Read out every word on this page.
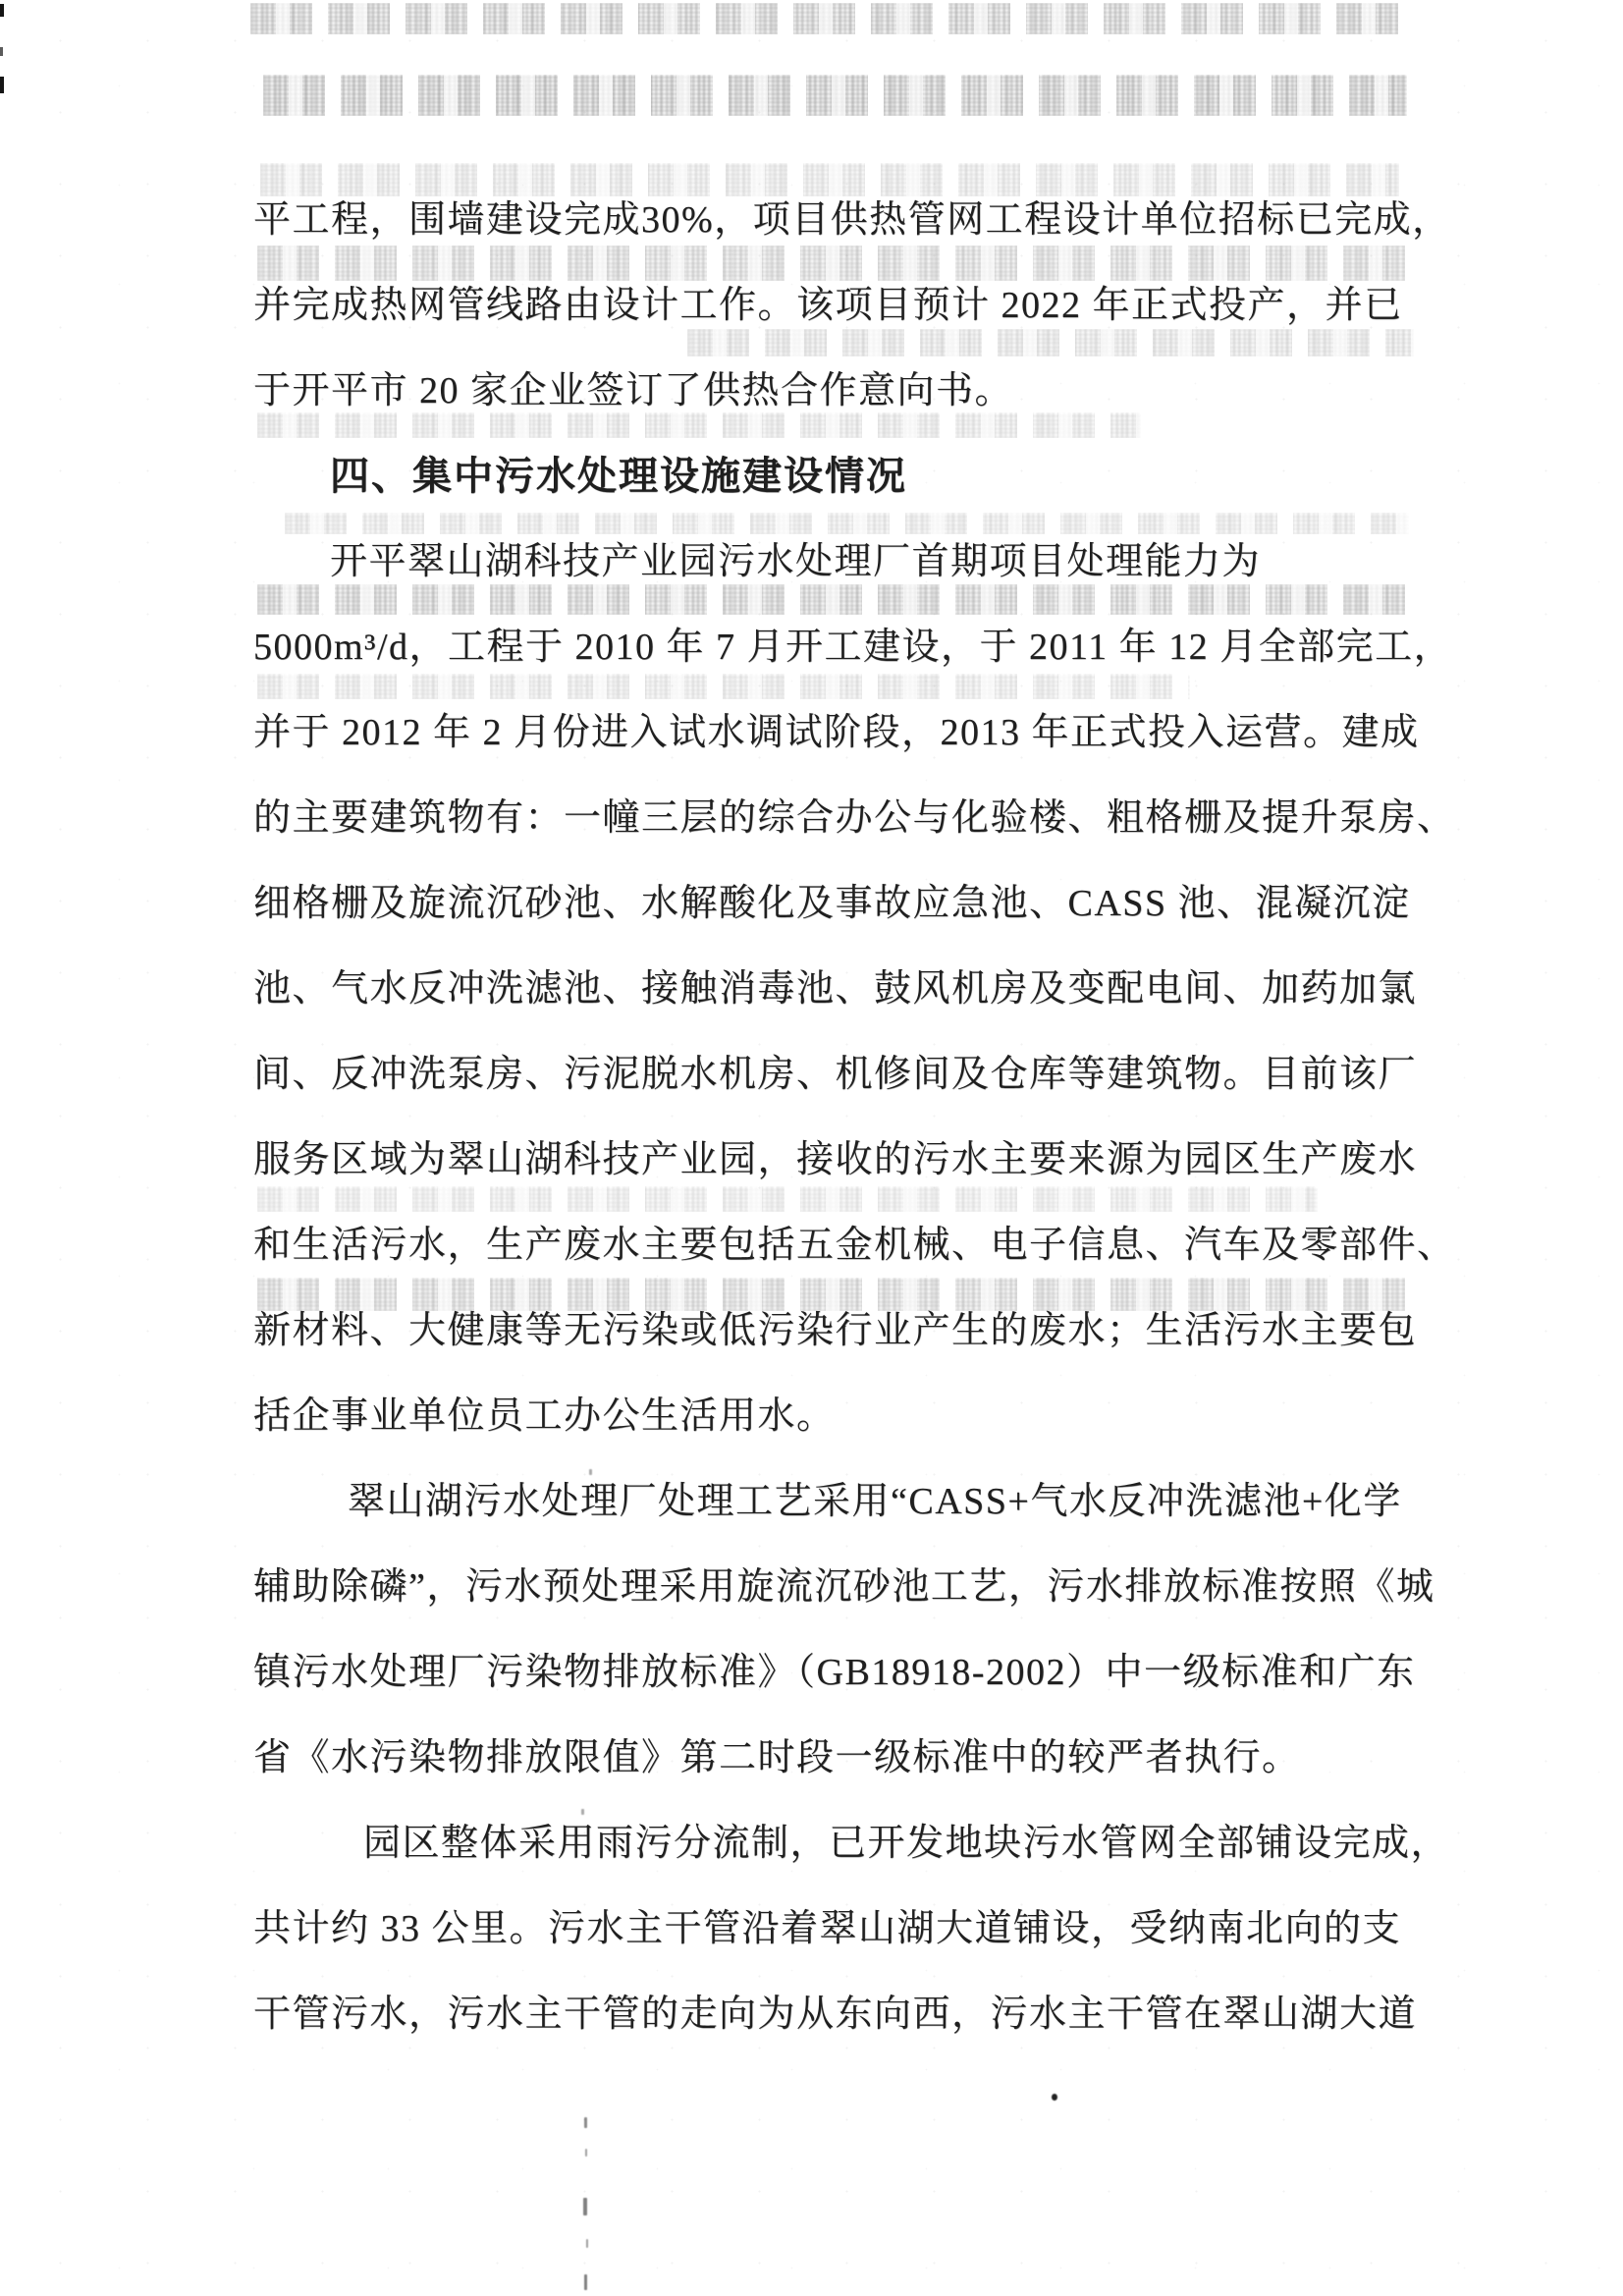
平工程，围墙建设完成30%，项目供热管网工程设计单位招标已完成，
并完成热网管线路由设计工作。该项目预计 2022 年正式投产，并已
于开平市 20 家企业签订了供热合作意向书。
四、集中污水处理设施建设情况
开平翠山湖科技产业园污水处理厂首期项目处理能力为
5000m³/d，工程于 2010 年 7 月开工建设，于 2011 年 12 月全部完工，
并于 2012 年 2 月份进入试水调试阶段，2013 年正式投入运营。建成
的主要建筑物有：一幢三层的综合办公与化验楼、粗格栅及提升泵房、
细格栅及旋流沉砂池、水解酸化及事故应急池、CASS 池、混凝沉淀
池、气水反冲洗滤池、接触消毒池、鼓风机房及变配电间、加药加氯
间、反冲洗泵房、污泥脱水机房、机修间及仓库等建筑物。目前该厂
服务区域为翠山湖科技产业园，接收的污水主要来源为园区生产废水
和生活污水，生产废水主要包括五金机械、电子信息、汽车及零部件、
新材料、大健康等无污染或低污染行业产生的废水；生活污水主要包
括企事业单位员工办公生活用水。
翠山湖污水处理厂处理工艺采用“CASS+气水反冲洗滤池+化学
辅助除磷”，污水预处理采用旋流沉砂池工艺，污水排放标准按照《城
镇污水处理厂污染物排放标准》（GB18918-2002）中一级标准和广东
省《水污染物排放限值》第二时段一级标准中的较严者执行。
园区整体采用雨污分流制，已开发地块污水管网全部铺设完成，
共计约 33 公里。污水主干管沿着翠山湖大道铺设，受纳南北向的支
干管污水，污水主干管的走向为从东向西，污水主干管在翠山湖大道
